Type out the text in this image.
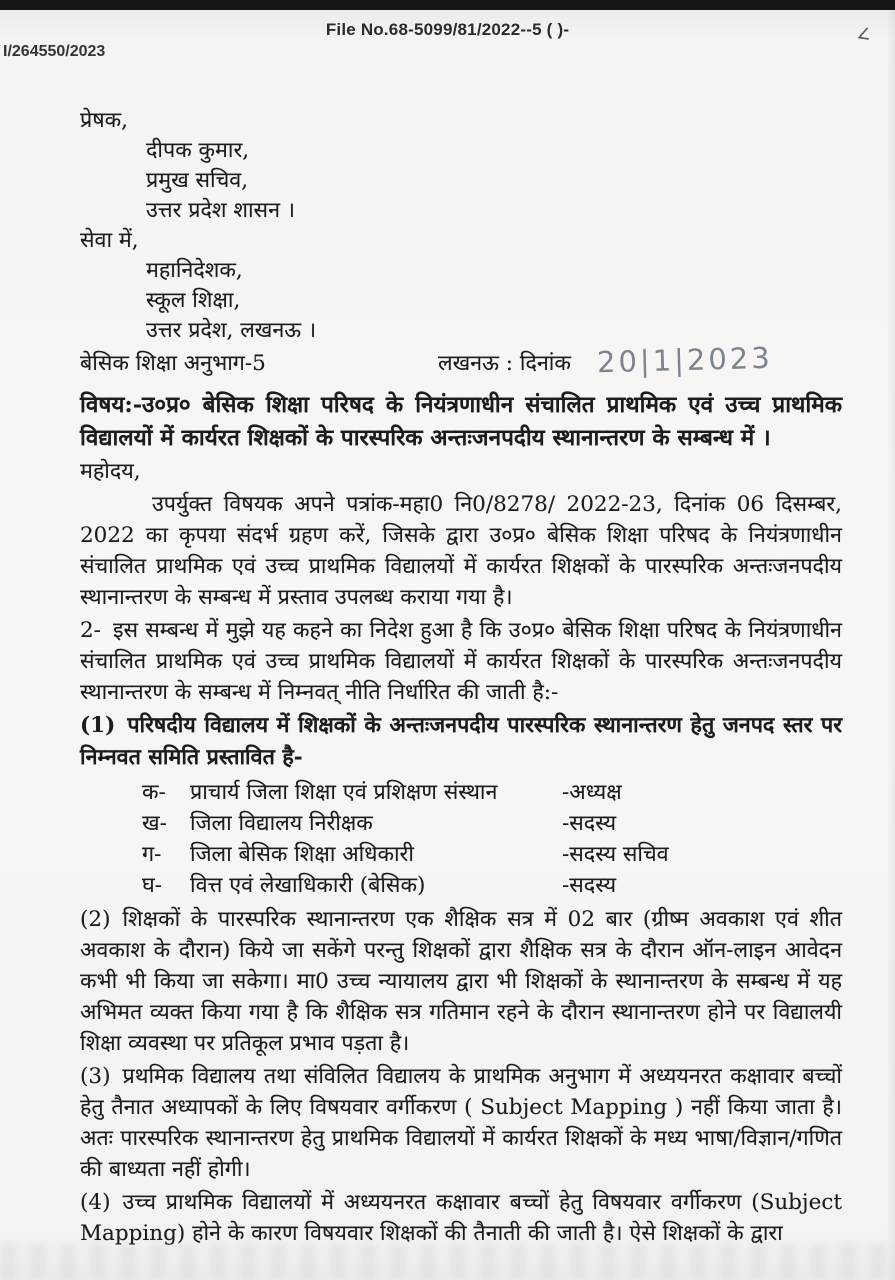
File No.68-5099/81/2022--5 ( )-
I/264550/2023
∠

प्रेषक,

दीपक कुमार,

प्रमुख सचिव,

उत्तर प्रदेश शासन ।

सेवा में,

महानिदेशक,

स्कूल शिक्षा,

उत्तर प्रदेश, लखनऊ ।

बेसिक शिक्षा अनुभाग-5	लखनऊ : दिनांक 20|1|2023

विषय:-उ०प्र० बेसिक शिक्षा परिषद के नियंत्रणाधीन संचालित प्राथमिक एवं उच्च प्राथमिक विद्यालयों में कार्यरत शिक्षकों के पारस्परिक अन्तःजनपदीय स्थानान्तरण के सम्बन्ध में ।

महोदय,

उपर्युक्त विषयक अपने पत्रांक-महा0 नि0/8278/ 2022-23, दिनांक 06 दिसम्बर, 2022 का कृपया संदर्भ ग्रहण करें, जिसके द्वारा उ०प्र० बेसिक शिक्षा परिषद के नियंत्रणाधीन संचालित प्राथमिक एवं उच्च प्राथमिक विद्यालयों में कार्यरत शिक्षकों के पारस्परिक अन्तःजनपदीय स्थानान्तरण के सम्बन्ध में प्रस्ताव उपलब्ध कराया गया है।

2- इस सम्बन्ध में मुझे यह कहने का निदेश हुआ है कि उ०प्र० बेसिक शिक्षा परिषद के नियंत्रणाधीन संचालित प्राथमिक एवं उच्च प्राथमिक विद्यालयों में कार्यरत शिक्षकों के पारस्परिक अन्तःजनपदीय स्थानान्तरण के सम्बन्ध में निम्नवत् नीति निर्धारित की जाती है:-

(1) परिषदीय विद्यालय में शिक्षकों के अन्तःजनपदीय पारस्परिक स्थानान्तरण हेतु जनपद स्तर पर निम्नवत समिति प्रस्तावित है-

क-	प्राचार्य जिला शिक्षा एवं प्रशिक्षण संस्थान	-अध्यक्ष
ख-	जिला विद्यालय निरीक्षक	-सदस्य
ग-	जिला बेसिक शिक्षा अधिकारी	-सदस्य सचिव
घ-	वित्त एवं लेखाधिकारी (बेसिक)	-सदस्य

(2) शिक्षकों के पारस्परिक स्थानान्तरण एक शैक्षिक सत्र में 02 बार (ग्रीष्म अवकाश एवं शीत अवकाश के दौरान) किये जा सकेंगे परन्तु शिक्षकों द्वारा शैक्षिक सत्र के दौरान ऑन-लाइन आवेदन कभी भी किया जा सकेगा। मा0 उच्च न्यायालय द्वारा भी शिक्षकों के स्थानान्तरण के सम्बन्ध में यह अभिमत व्यक्त किया गया है कि शैक्षिक सत्र गतिमान रहने के दौरान स्थानान्तरण होने पर विद्यालयी शिक्षा व्यवस्था पर प्रतिकूल प्रभाव पड़ता है।

(3) प्रथमिक विद्यालय तथा संविलित विद्यालय के प्राथमिक अनुभाग में अध्ययनरत कक्षावार बच्चों हेतु तैनात अध्यापकों के लिए विषयवार वर्गीकरण ( Subject Mapping ) नहीं किया जाता है। अतः पारस्परिक स्थानान्तरण हेतु प्राथमिक विद्यालयों में कार्यरत शिक्षकों के मध्य भाषा/विज्ञान/गणित की बाध्यता नहीं होगी।

(4) उच्च प्राथमिक विद्यालयों में अध्ययनरत कक्षावार बच्चों हेतु विषयवार वर्गीकरण (Subject Mapping) होने के कारण विषयवार शिक्षकों की तैनाती की जाती है। ऐसे शिक्षकों के द्वारा
